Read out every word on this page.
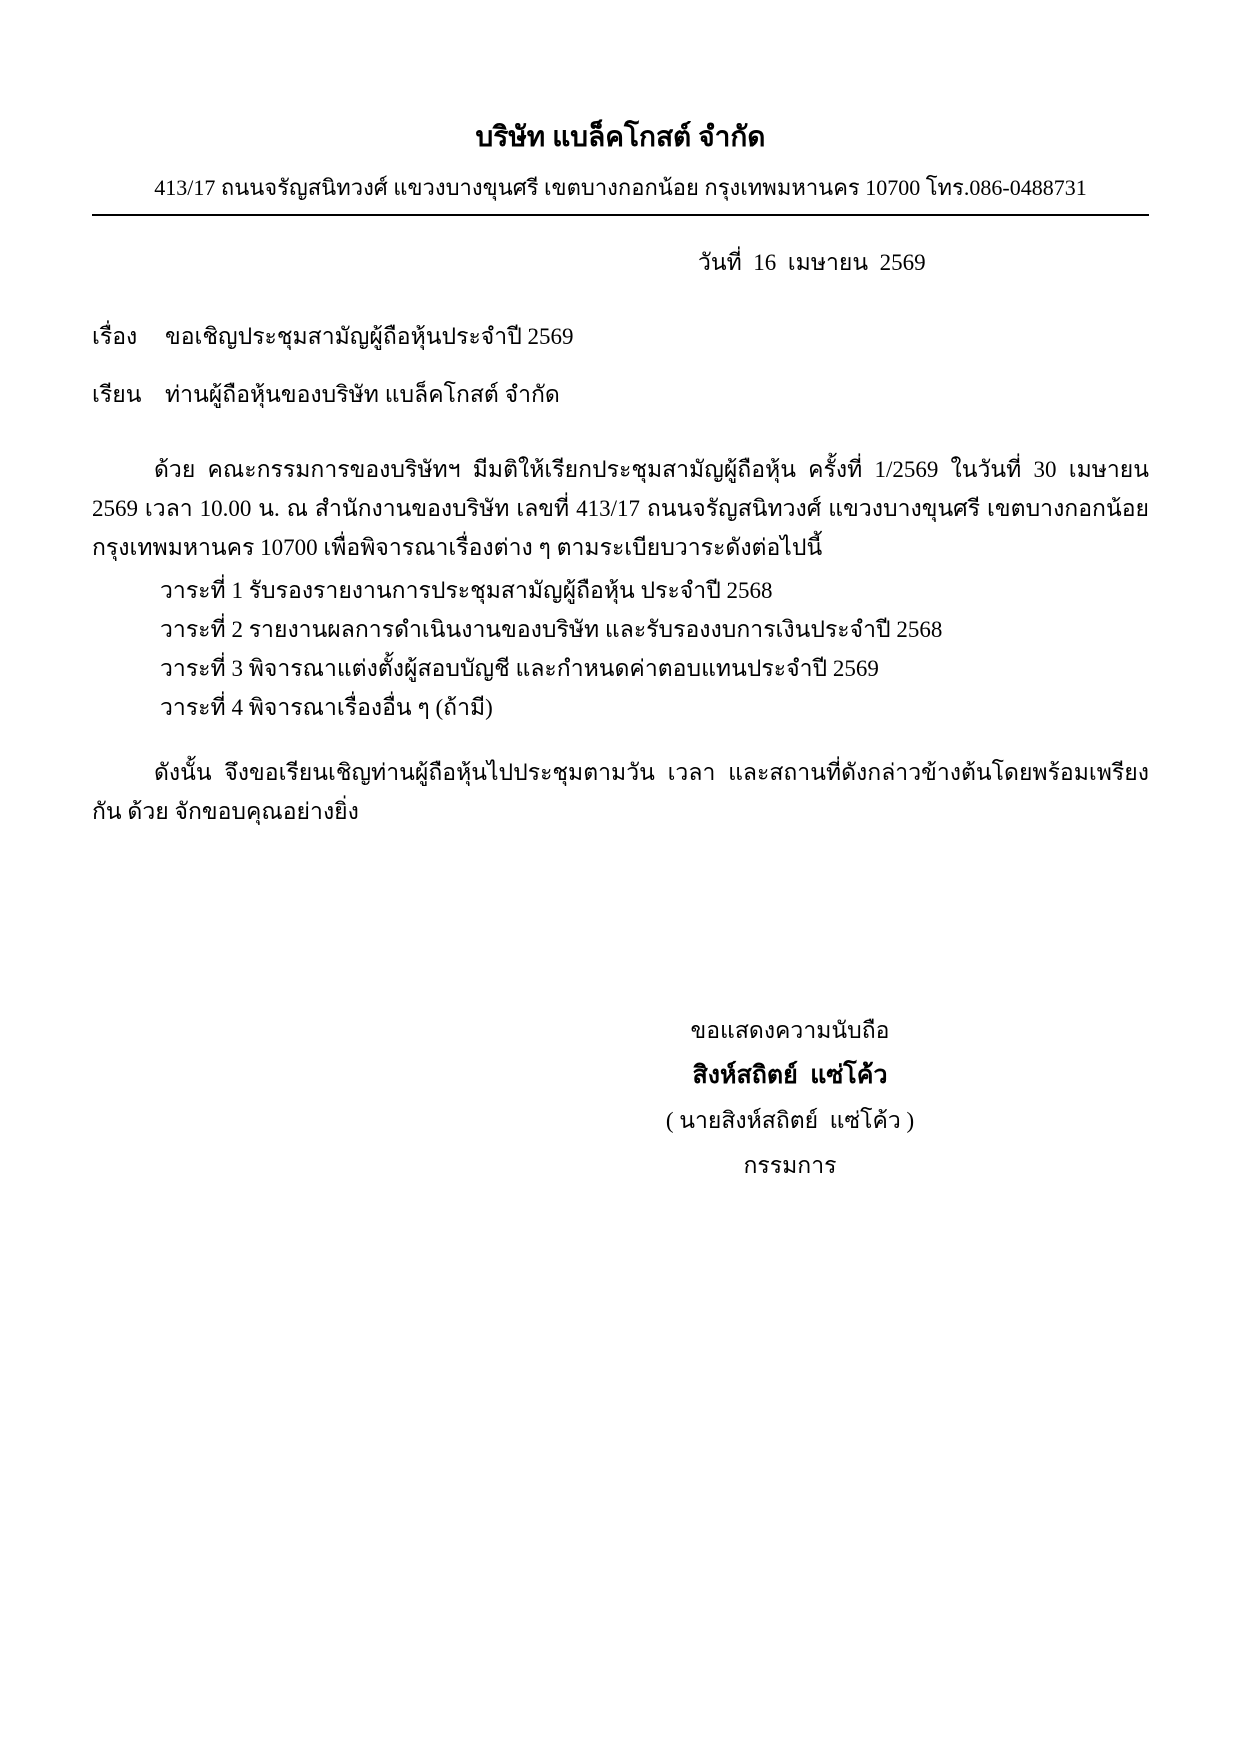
บริษัท แบล็คโกสต์ จำกัด
413/17 ถนนจรัญสนิทวงศ์ แขวงบางขุนศรี เขตบางกอกน้อย กรุงเทพมหานคร 10700 โทร.086-0488731
วันที่  16  เมษายน  2569
เรื่อง	ขอเชิญประชุมสามัญผู้ถือหุ้นประจำปี 2569
เรียน	ท่านผู้ถือหุ้นของบริษัท แบล็คโกสต์ จำกัด

ด้วย คณะกรรมการของบริษัทฯ มีมติให้เรียกประชุมสามัญผู้ถือหุ้น ครั้งที่ 1/2569 ในวันที่ 30 เมษายน 2569 เวลา 10.00 น. ณ สำนักงานของบริษัท เลขที่ 413/17 ถนนจรัญสนิทวงศ์ แขวงบางขุนศรี เขตบางกอกน้อย กรุงเทพมหานคร 10700 เพื่อพิจารณาเรื่องต่าง ๆ ตามระเบียบวาระดังต่อไปนี้

วาระที่ 1 รับรองรายงานการประชุมสามัญผู้ถือหุ้น ประจำปี 2568
วาระที่ 2 รายงานผลการดำเนินงานของบริษัท และรับรองงบการเงินประจำปี 2568
วาระที่ 3 พิจารณาแต่งตั้งผู้สอบบัญชี และกำหนดค่าตอบแทนประจำปี 2569
วาระที่ 4 พิจารณาเรื่องอื่น ๆ (ถ้ามี)

ดังนั้น จึงขอเรียนเชิญท่านผู้ถือหุ้นไปประชุมตามวัน เวลา และสถานที่ดังกล่าวข้างต้นโดยพร้อมเพรียงกัน ด้วย จักขอบคุณอย่างยิ่ง

ขอแสดงความนับถือ
สิงห์สถิตย์  แซ่โค้ว
( นายสิงห์สถิตย์  แซ่โค้ว )
กรรมการ
